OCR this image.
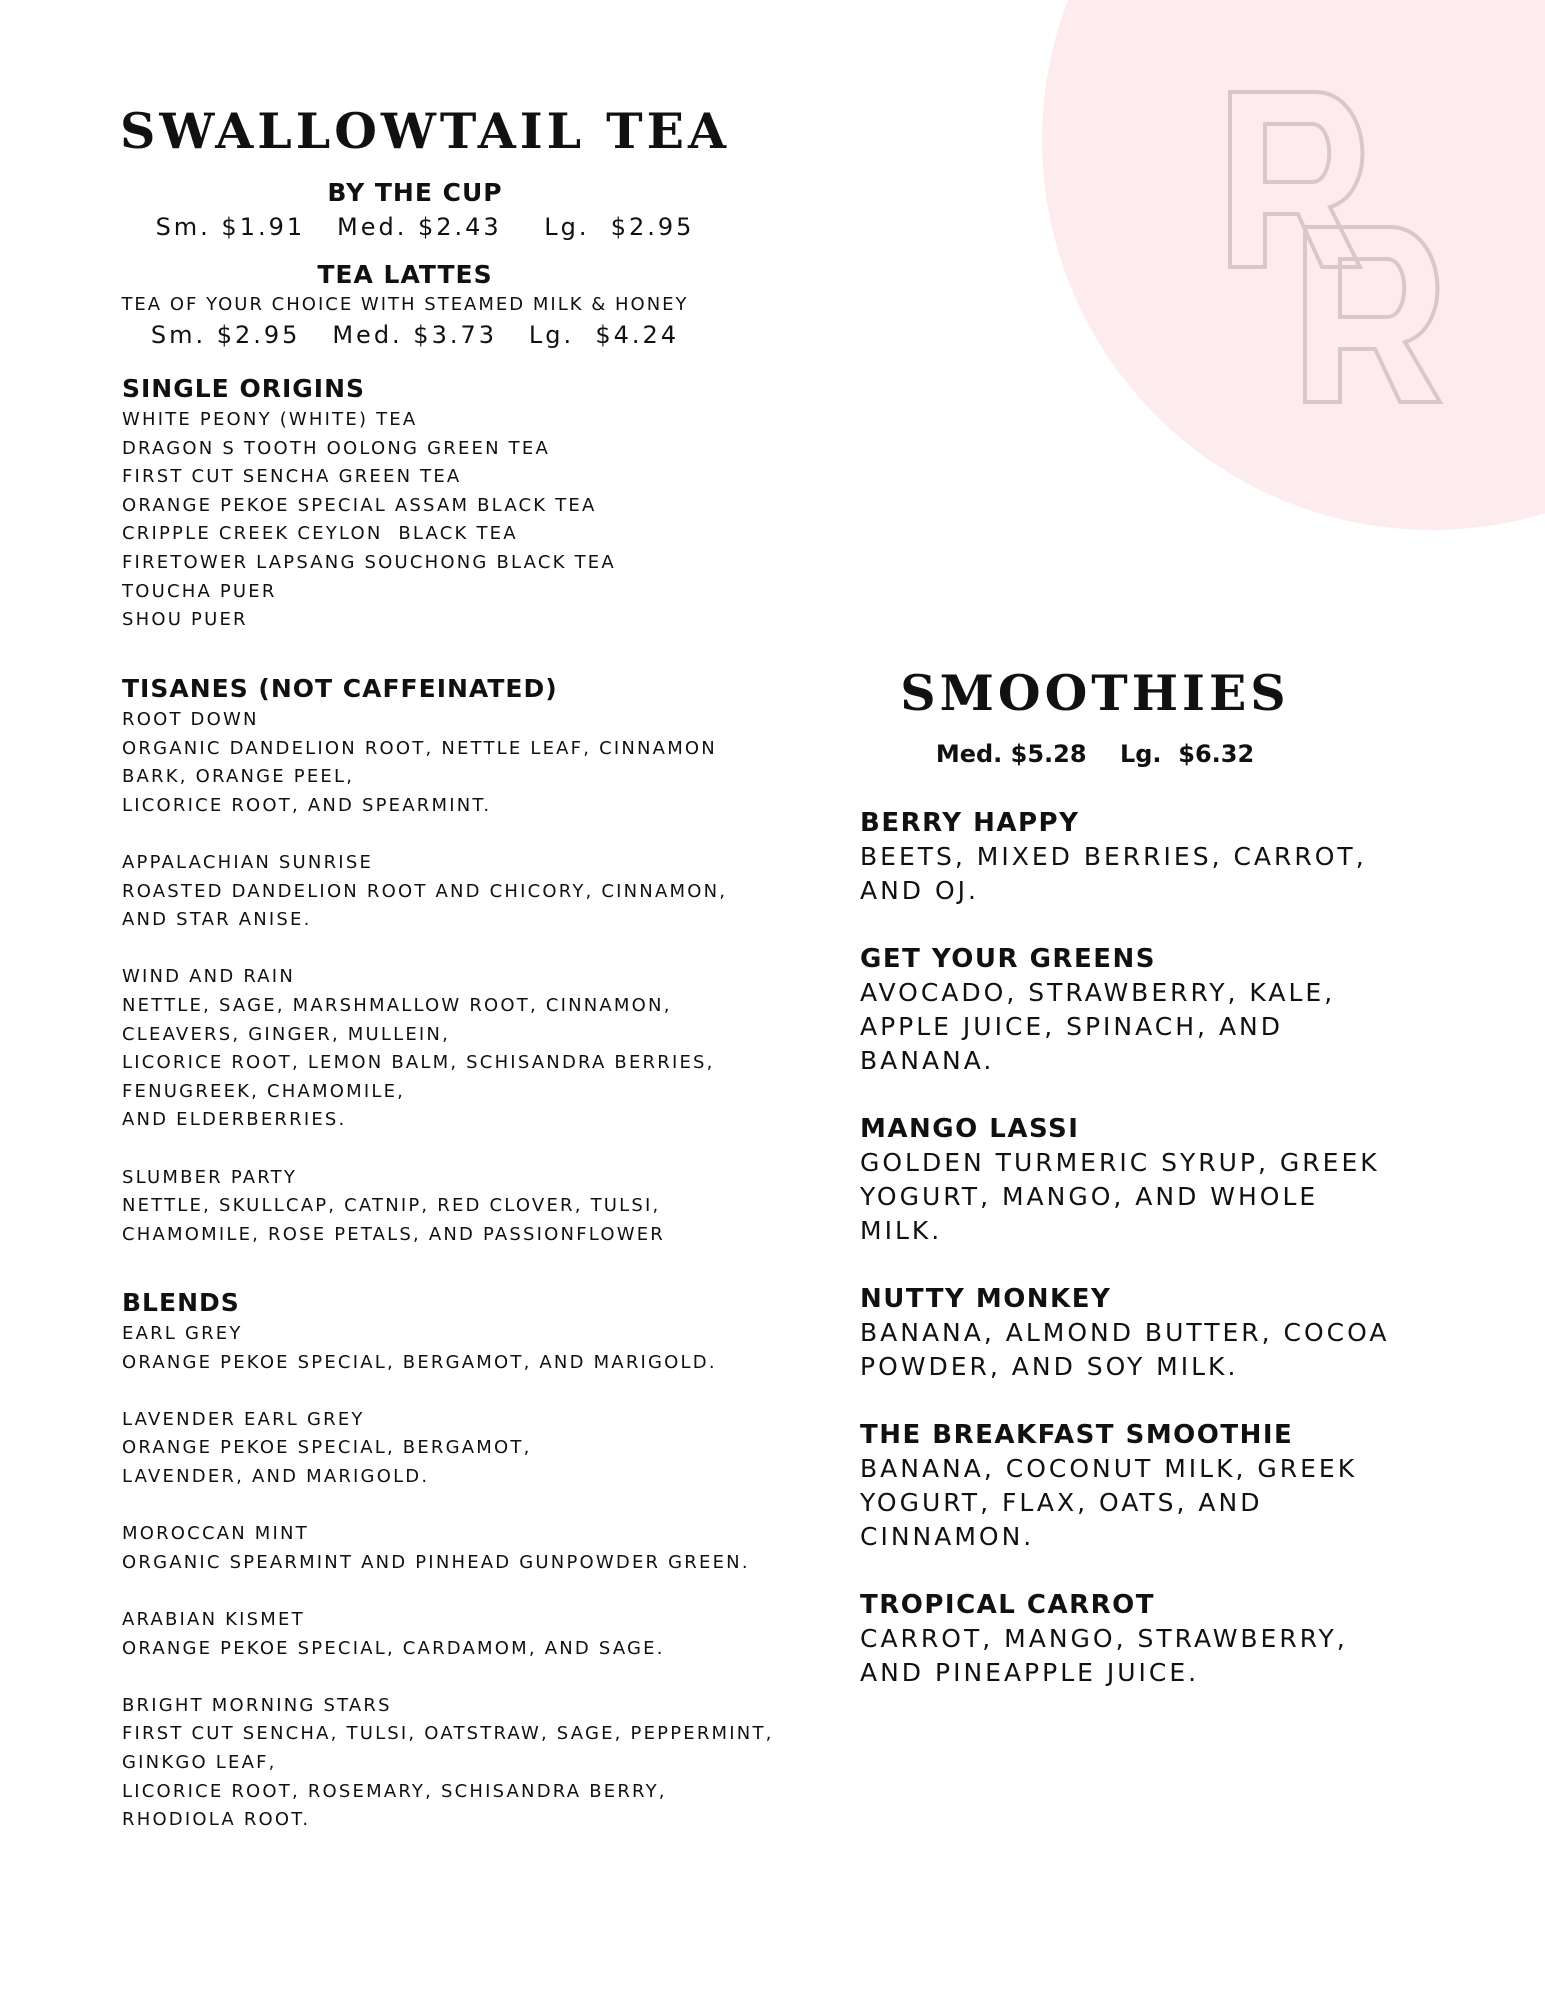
SWALLOWTAIL TEA
BY THE CUP
Sm. $1.91   Med. $2.43    Lg.  $2.95
TEA LATTES
TEA OF YOUR CHOICE WITH STEAMED MILK & HONEY
Sm. $2.95   Med. $3.73   Lg.  $4.24
SINGLE ORIGINS
WHITE PEONY (WHITE) TEA
DRAGON S TOOTH OOLONG GREEN TEA
FIRST CUT SENCHA GREEN TEA
ORANGE PEKOE SPECIAL ASSAM BLACK TEA
CRIPPLE CREEK CEYLON  BLACK TEA
FIRETOWER LAPSANG SOUCHONG BLACK TEA
TOUCHA PUER
SHOU PUER
TISANES (NOT CAFFEINATED)
ROOT DOWN
ORGANIC DANDELION ROOT, NETTLE LEAF, CINNAMON
BARK, ORANGE PEEL,
LICORICE ROOT, AND SPEARMINT.
APPALACHIAN SUNRISE
ROASTED DANDELION ROOT AND CHICORY, CINNAMON,
AND STAR ANISE.
WIND AND RAIN
NETTLE, SAGE, MARSHMALLOW ROOT, CINNAMON,
CLEAVERS, GINGER, MULLEIN,
LICORICE ROOT, LEMON BALM, SCHISANDRA BERRIES,
FENUGREEK, CHAMOMILE,
AND ELDERBERRIES.
SLUMBER PARTY
NETTLE, SKULLCAP, CATNIP, RED CLOVER, TULSI,
CHAMOMILE, ROSE PETALS, AND PASSIONFLOWER
BLENDS
EARL GREY
ORANGE PEKOE SPECIAL, BERGAMOT, AND MARIGOLD.
LAVENDER EARL GREY
ORANGE PEKOE SPECIAL, BERGAMOT,
LAVENDER, AND MARIGOLD.
MOROCCAN MINT
ORGANIC SPEARMINT AND PINHEAD GUNPOWDER GREEN.
ARABIAN KISMET
ORANGE PEKOE SPECIAL, CARDAMOM, AND SAGE.
BRIGHT MORNING STARS
FIRST CUT SENCHA, TULSI, OATSTRAW, SAGE, PEPPERMINT,
GINKGO LEAF,
LICORICE ROOT, ROSEMARY, SCHISANDRA BERRY,
RHODIOLA ROOT.
SMOOTHIES
Med. $5.28    Lg.  $6.32
BERRY HAPPY
BEETS, MIXED BERRIES, CARROT,
AND OJ.
GET YOUR GREENS
AVOCADO, STRAWBERRY, KALE,
APPLE JUICE, SPINACH, AND
BANANA.
MANGO LASSI
GOLDEN TURMERIC SYRUP, GREEK
YOGURT, MANGO, AND WHOLE
MILK.
NUTTY MONKEY
BANANA, ALMOND BUTTER, COCOA
POWDER, AND SOY MILK.
THE BREAKFAST SMOOTHIE
BANANA, COCONUT MILK, GREEK
YOGURT, FLAX, OATS, AND
CINNAMON.
TROPICAL CARROT
CARROT, MANGO, STRAWBERRY,
AND PINEAPPLE JUICE.
